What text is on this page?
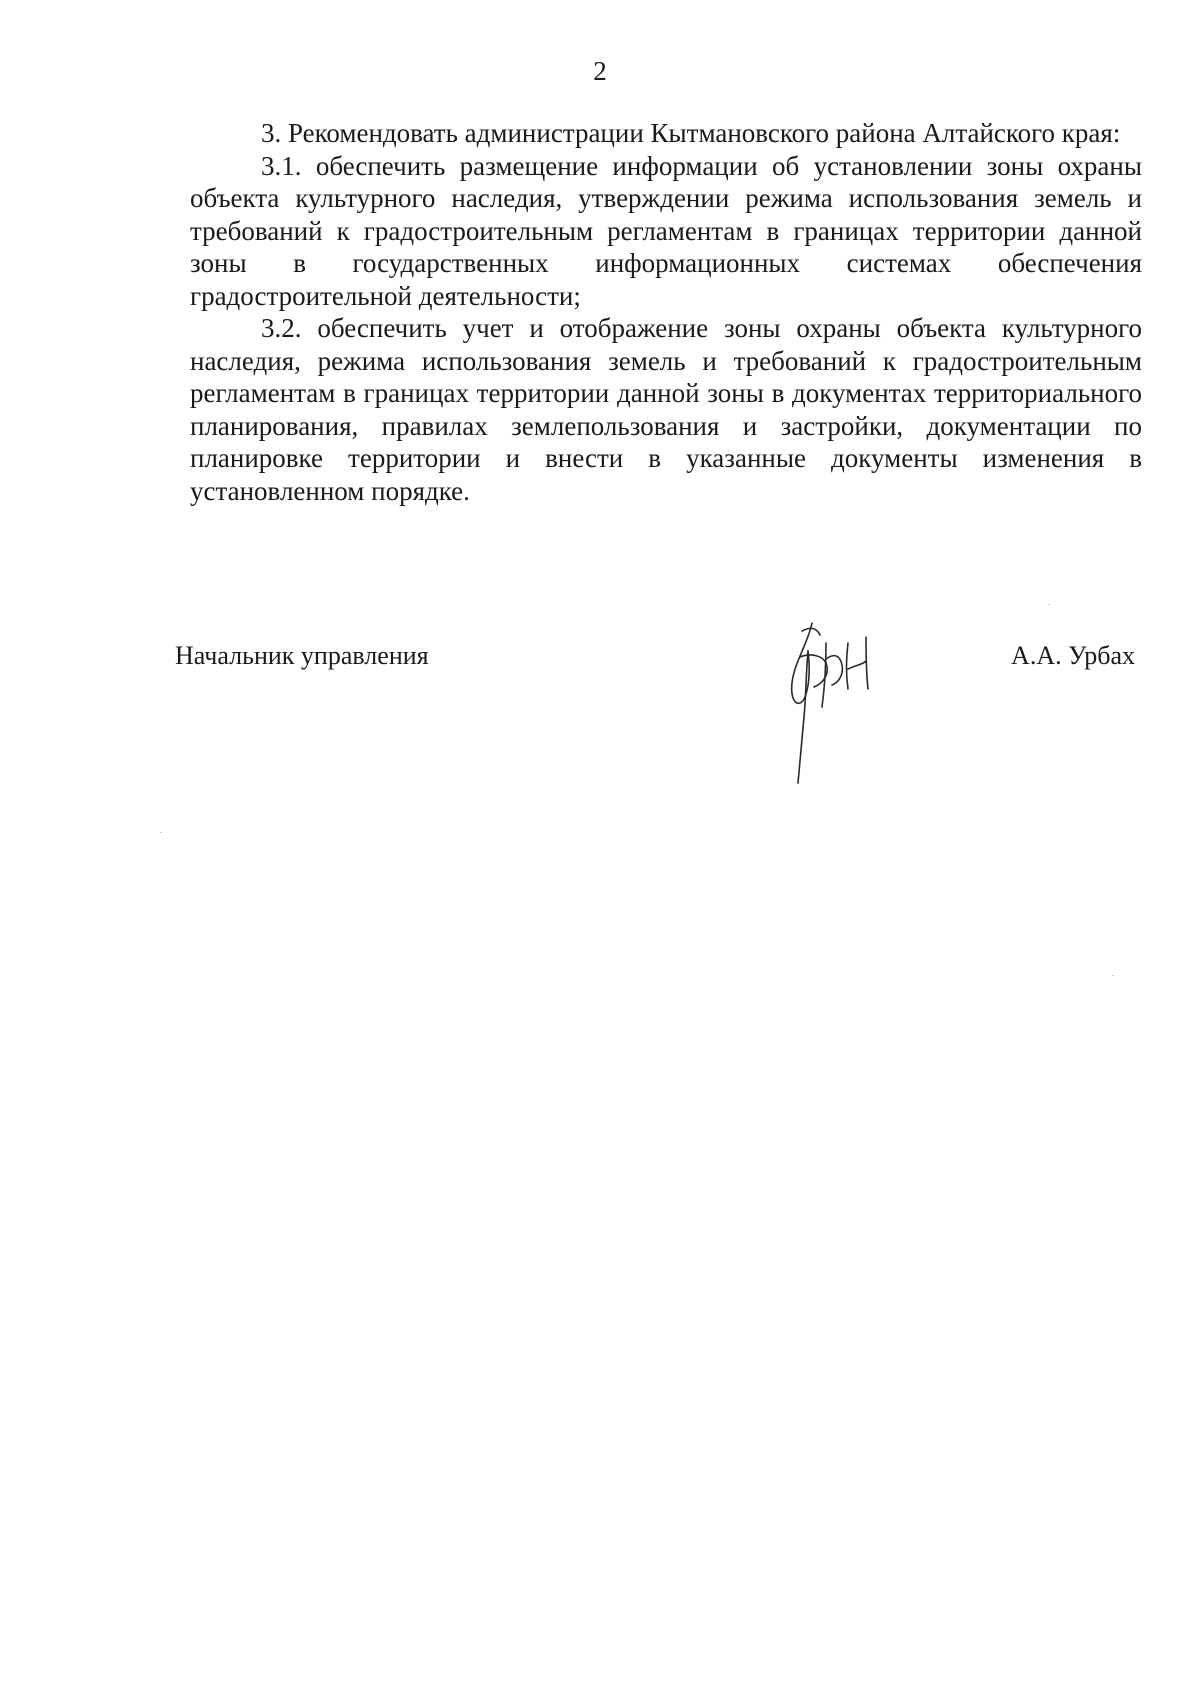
2

3. Рекомендовать администрации Кытмановского района Алтайского края:

3.1. обеспечить размещение информации об установлении зоны охраны объекта культурного наследия, утверждении режима использования земель и требований к градостроительным регламентам в границах территории данной зоны в государственных информационных системах обеспечения градостроительной деятельности;

3.2. обеспечить учет и отображение зоны охраны объекта культурного наследия, режима использования земель и требований к градостроительным регламентам в границах территории данной зоны в документах территориального планирования, правилах землепользования и застройки, документации по планировке территории и внести в указанные документы изменения в установленном порядке.

Начальник управления	А.А. Урбах
